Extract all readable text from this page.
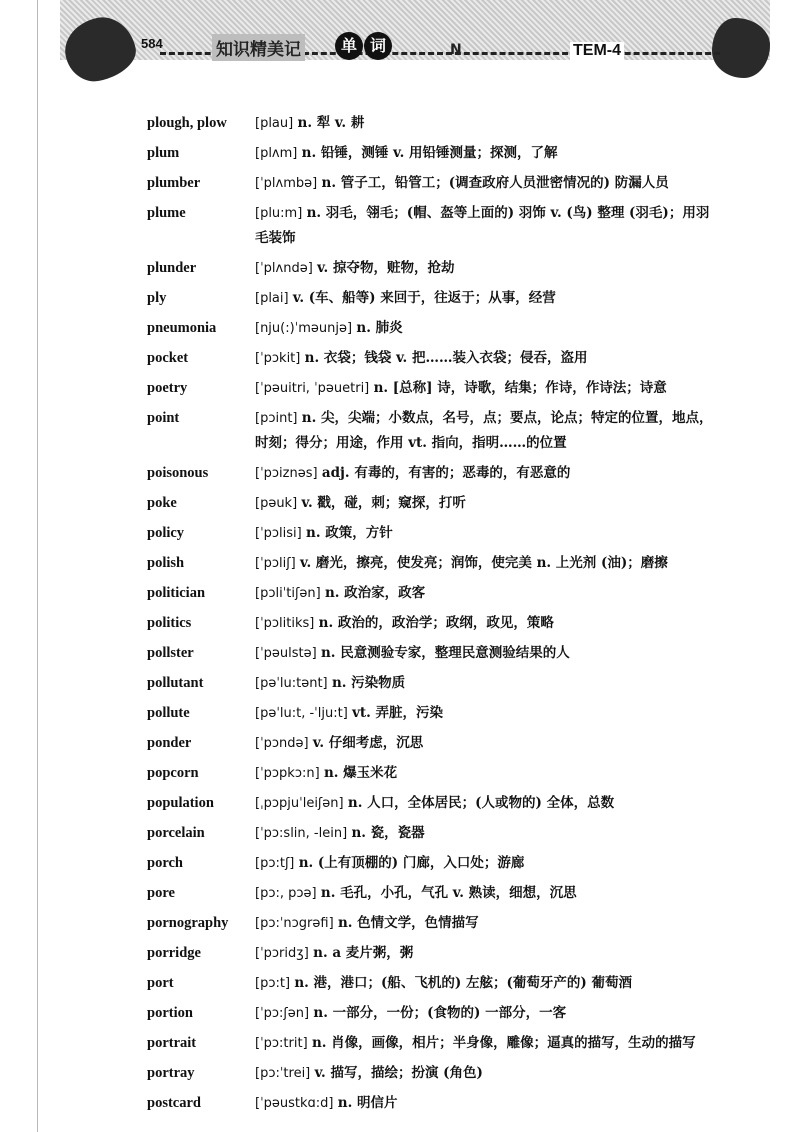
584	知识精美记	单 词	N	TEM-4
plough, plow	[plau] n. 犁 v. 耕
plum	[plʌm] n. 铅锤，测锤 v. 用铅锤测量；探测，了解
plumber	[ˈplʌmbə] n. 管子工，铅管工；(调查政府人员泄密情况的) 防漏人员
plume	[plu:m] n. 羽毛，翎毛；(帽、盔等上面的) 羽饰 v. (鸟) 整理 (羽毛)；用羽毛装饰
plunder	[ˈplʌndə] v. 掠夺物，赃物，抢劫
ply	[plai] v. (车、船等) 来回于，往返于；从事，经营
pneumonia	[nju(:)ˈməunjə] n. 肺炎
pocket	[ˈpɔkit] n. 衣袋；钱袋 v. 把……装入衣袋；侵吞，盗用
poetry	[ˈpəuitri, ˈpəuetri] n. [总称] 诗，诗歌，结集；作诗，作诗法；诗意
point	[pɔint] n. 尖，尖端；小数点，名号，点；要点，论点；特定的位置，地点，时刻；得分；用途，作用 vt. 指向，指明……的位置
poisonous	[ˈpɔiznəs] adj. 有毒的，有害的；恶毒的，有恶意的
poke	[pəuk] v. 戳，碰，刺；窥探，打听
policy	[ˈpɔlisi] n. 政策，方针
polish	[ˈpɔliʃ] v. 磨光，擦亮，使发亮；润饰，使完美 n. 上光剂 (油)；磨擦
politician	[pɔliˈtiʃən] n. 政治家，政客
politics	[ˈpɔlitiks] n. 政治的，政治学；政纲，政见，策略
pollster	[ˈpəulstə] n. 民意测验专家，整理民意测验结果的人
pollutant	[pəˈlu:tənt] n. 污染物质
pollute	[pəˈlu:t, -ˈlju:t] vt. 弄脏，污染
ponder	[ˈpɔndə] v. 仔细考虑，沉思
popcorn	[ˈpɔpkɔ:n] n. 爆玉米花
population	[ˌpɔpjuˈleiʃən] n. 人口，全体居民；(人或物的) 全体，总数
porcelain	[ˈpɔ:slin, -lein] n. 瓷，瓷器
porch	[pɔ:tʃ] n. (上有顶棚的) 门廊，入口处；游廊
pore	[pɔ:, pɔə] n. 毛孔，小孔，气孔 v. 熟读，细想，沉思
pornography	[pɔ:ˈnɔgrəfi] n. 色情文学，色情描写
porridge	[ˈpɔridʒ] n. a 麦片粥，粥
port	[pɔ:t] n. 港，港口；(船、飞机的) 左舷；(葡萄牙产的) 葡萄酒
portion	[ˈpɔ:ʃən] n. 一部分，一份；(食物的) 一部分，一客
portrait	[ˈpɔ:trit] n. 肖像，画像，相片；半身像，雕像；逼真的描写，生动的描写
portray	[pɔ:ˈtrei] v. 描写，描绘；扮演 (角色)
postcard	[ˈpəustkɑ:d] n. 明信片
